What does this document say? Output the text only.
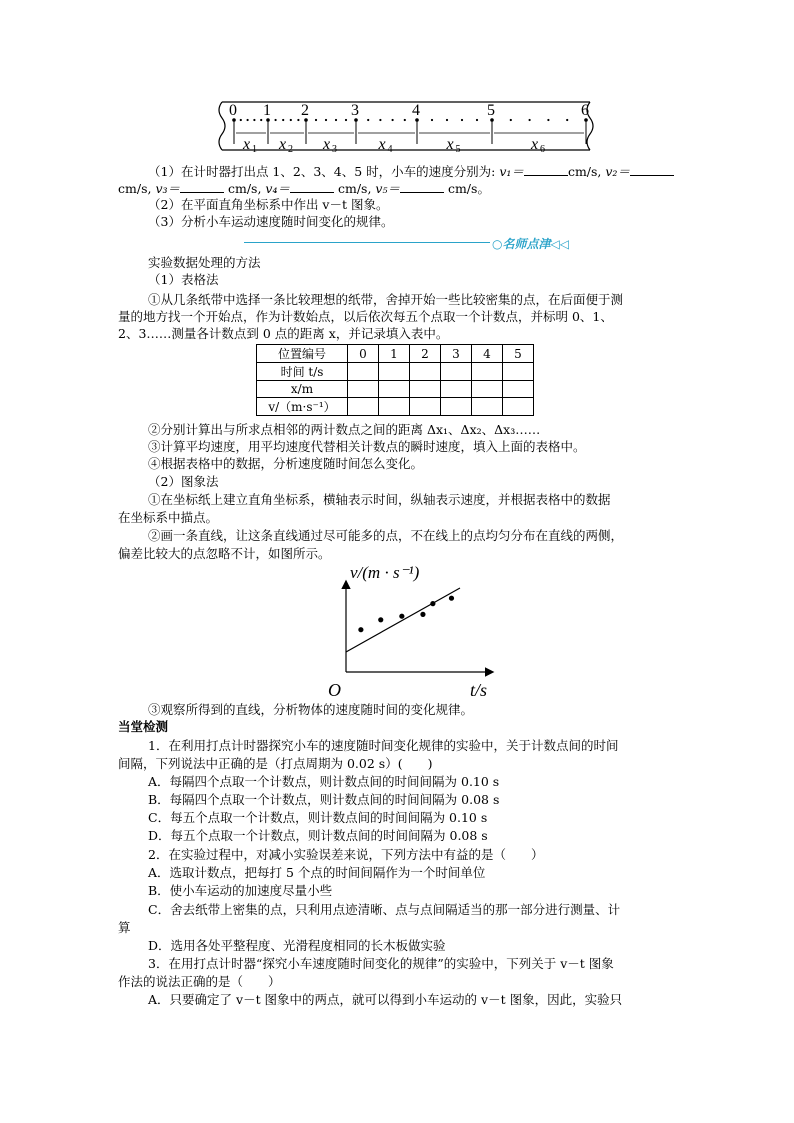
0 1 2	3	4	5	6
x 1 x 2 x 3	x 4	x 5	x 6
（1）在计时器打出点 1、2、3、4、5 时，小车的速度分别为: v₁＝	cm/s, v₂＝
cm/s, v₃＝	cm/s, v₄＝	cm/s, v₅＝	cm/s。
（2）在平面直角坐标系中作出 v－t 图象。
（3）分析小车运动速度随时间变化的规律。
○名师点津◁◁
实验数据处理的方法
（1）表格法
①从几条纸带中选择一条比较理想的纸带，舍掉开始一些比较密集的点，在后面便于测
量的地方找一个开始点，作为计数始点，以后依次每五个点取一个计数点，并标明 0、1、
2、3……测量各计数点到 0 点的距离 x，并记录填入表中。
位置编号	0	1	2	3	4	5
时间 t/s						
x/m						
v/（m·s⁻¹）						
②分别计算出与所求点相邻的两计数点之间的距离 Δx₁、Δx₂、Δx₃……
③计算平均速度，用平均速度代替相关计数点的瞬时速度，填入上面的表格中。
④根据表格中的数据，分析速度随时间怎么变化。
（2）图象法
①在坐标纸上建立直角坐标系，横轴表示时间，纵轴表示速度，并根据表格中的数据
在坐标系中描点。
②画一条直线，让这条直线通过尽可能多的点，不在线上的点均匀分布在直线的两侧，
偏差比较大的点忽略不计，如图所示。
v/(m · s⁻¹)
O	t/s
③观察所得到的直线，分析物体的速度随时间的变化规律。
当堂检测
1．在利用打点计时器探究小车的速度随时间变化规律的实验中，关于计数点间的时间
间隔，下列说法中正确的是（打点周期为 0.02 s）(　　)
A．每隔四个点取一个计数点，则计数点间的时间间隔为 0.10 s
B．每隔四个点取一个计数点，则计数点间的时间间隔为 0.08 s
C．每五个点取一个计数点，则计数点间的时间间隔为 0.10 s
D．每五个点取一个计数点，则计数点间的时间间隔为 0.08 s
2．在实验过程中，对减小实验误差来说，下列方法中有益的是（　　）
A．选取计数点，把每打 5 个点的时间间隔作为一个时间单位
B．使小车运动的加速度尽量小些
C．舍去纸带上密集的点，只利用点迹清晰、点与点间隔适当的那一部分进行测量、计
算
D．选用各处平整程度、光滑程度相同的长木板做实验
3．在用打点计时器“探究小车速度随时间变化的规律”的实验中，下列关于 v－t 图象
作法的说法正确的是（　　）
A．只要确定了 v－t 图象中的两点，就可以得到小车运动的 v－t 图象，因此，实验只
